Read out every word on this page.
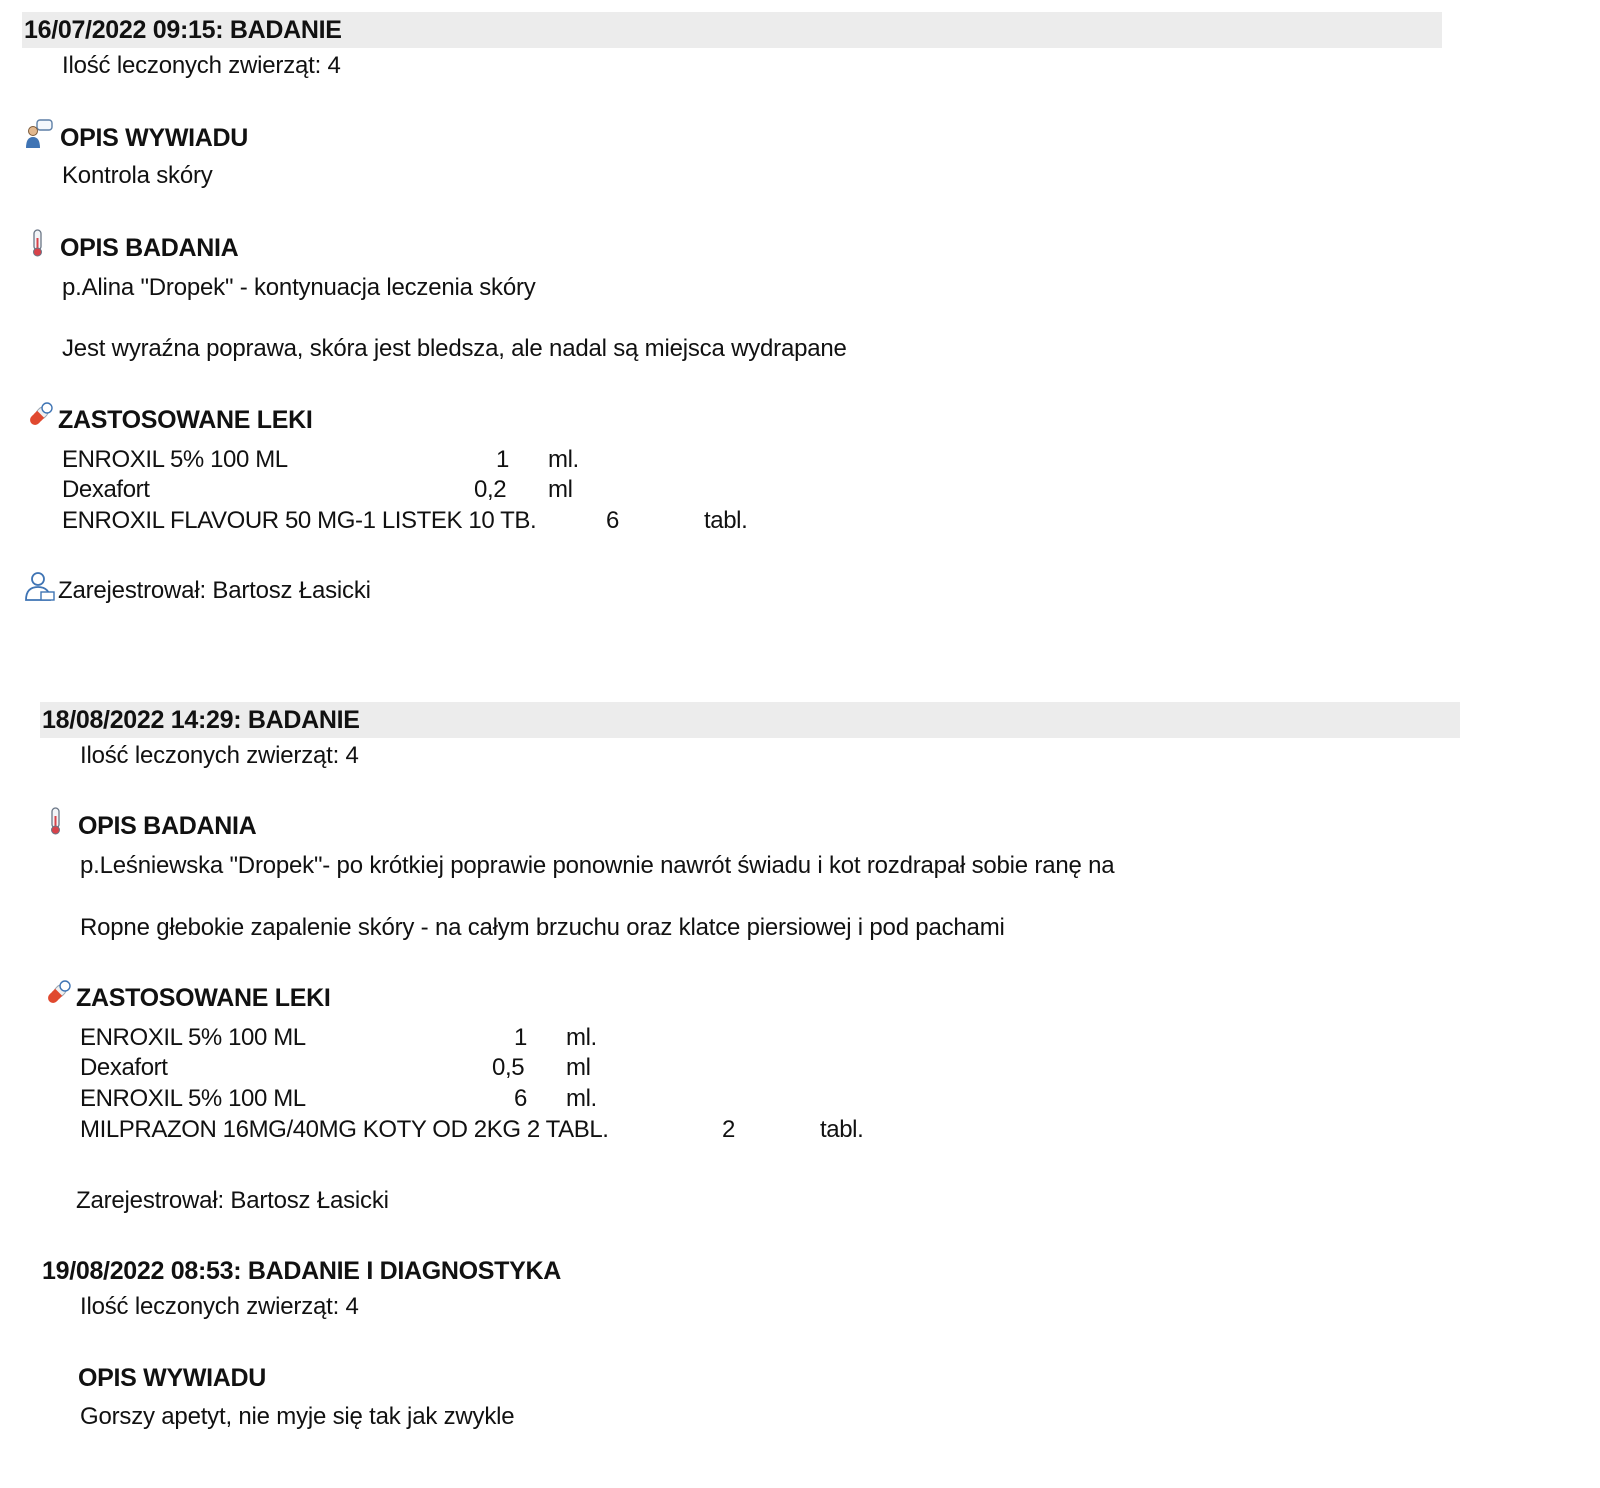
16/07/2022 09:15: BADANIE
Ilość leczonych zwierząt: 4
OPIS WYWIADU
Kontrola skóry
OPIS BADANIA
p.Alina "Dropek" - kontynuacja leczenia skóry
Jest wyraźna poprawa, skóra jest bledsza, ale nadal są miejsca wydrapane
ZASTOSOWANE LEKI
ENROXIL 5% 100 ML	1 ml.
Dexafort	0,2 ml
ENROXIL FLAVOUR 50 MG-1 LISTEK 10 TB.	6	tabl.
Zarejestrował: Bartosz Łasicki
18/08/2022 14:29: BADANIE
Ilość leczonych zwierząt: 4
OPIS BADANIA
p.Leśniewska "Dropek"- po krótkiej poprawie ponownie nawrót świadu i kot rozdrapał sobie ranę na
Ropne głebokie zapalenie skóry - na całym brzuchu oraz klatce piersiowej i pod pachami
ZASTOSOWANE LEKI
ENROXIL 5% 100 ML	1 ml.
Dexafort	0,5 ml
ENROXIL 5% 100 ML	6 ml.
MILPRAZON 16MG/40MG KOTY OD 2KG 2 TABL.	2	tabl.
Zarejestrował: Bartosz Łasicki
19/08/2022 08:53: BADANIE I DIAGNOSTYKA
Ilość leczonych zwierząt: 4
OPIS WYWIADU
Gorszy apetyt, nie myje się tak jak zwykle
